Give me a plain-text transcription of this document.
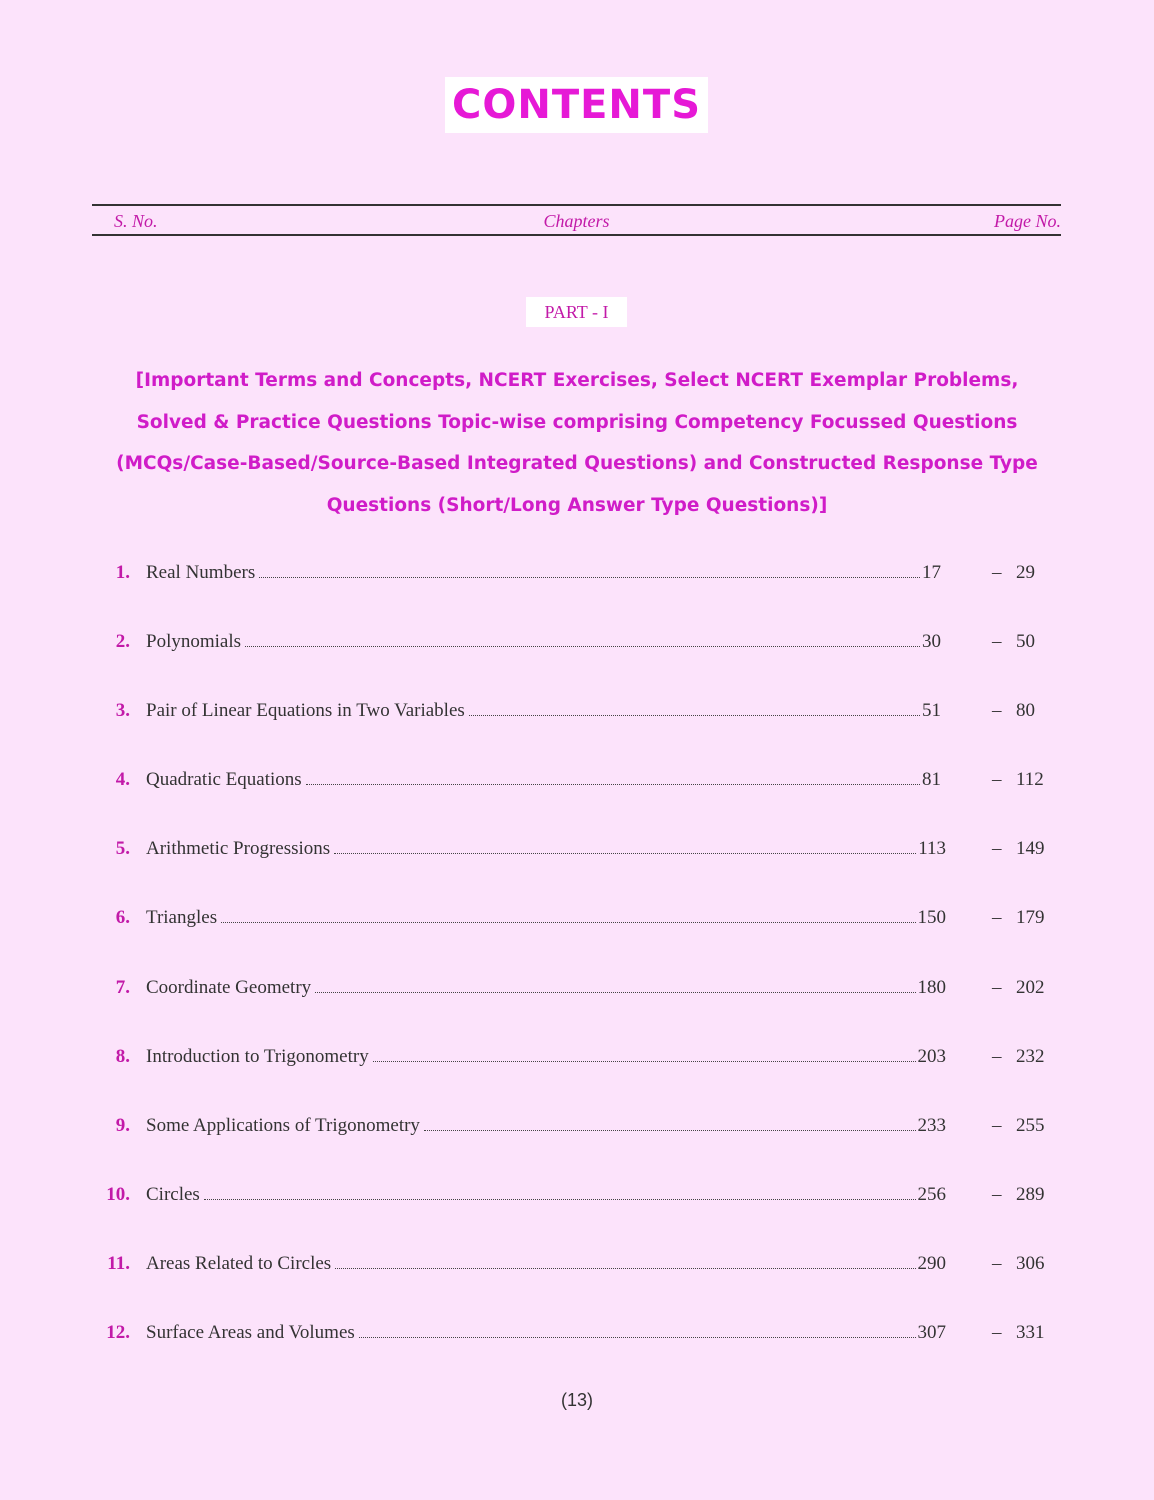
CONTENTS
S. No.	Chapters	Page No.
PART - I
[Important Terms and Concepts, NCERT Exercises, Select NCERT Exemplar Problems,
Solved & Practice Questions Topic-wise comprising Competency Focussed Questions
(MCQs/Case-Based/Source-Based Integrated Questions) and Constructed Response Type
Questions (Short/Long Answer Type Questions)]
1. Real Numbers	17	– 29
2. Polynomials	30	– 50
3. Pair of Linear Equations in Two Variables	51	– 80
4. Quadratic Equations	81	– 112
5. Arithmetic Progressions	113 – 149
6. Triangles	150 – 179
7. Coordinate Geometry	180 – 202
8. Introduction to Trigonometry	203 – 232
9. Some Applications of Trigonometry	233 – 255
10. Circles	256 – 289
11. Areas Related to Circles	290 – 306
12. Surface Areas and Volumes	307 – 331
(13)
